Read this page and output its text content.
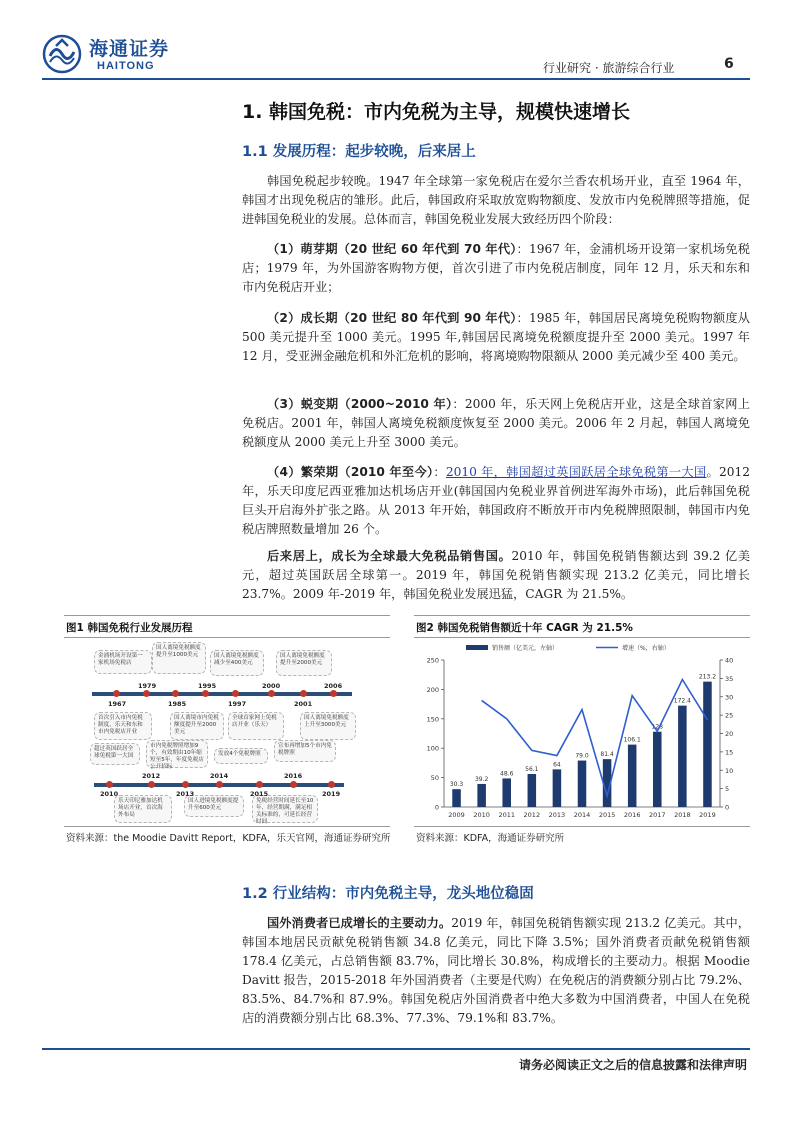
海通证券
HAITONG	行业研究 · 旅游综合行业	6
1. 韩国免税：市内免税为主导，规模快速增长
1.1 发展历程：起步较晚，后来居上
韩国免税起步较晚。1947 年全球第一家免税店在爱尔兰香农机场开业，直至 1964 年，韩国才出现免税店的雏形。此后，韩国政府采取放宽购物额度、发放市内免税牌照等措施，促进韩国免税业的发展。总体而言，韩国免税业发展大致经历四个阶段：
（1）萌芽期（20 世纪 60 年代到 70 年代）：1967 年，金浦机场开设第一家机场免税店；1979 年，为外国游客购物方便，首次引进了市内免税店制度，同年 12 月，乐天和东和市内免税店开业；
（2）成长期（20 世纪 80 年代到 90 年代）：1985 年，韩国居民离境免税购物额度从 500 美元提升至 1000 美元。1995 年,韩国居民离境免税额度提升至 2000 美元。1997 年 12 月，受亚洲金融危机和外汇危机的影响，将离境购物限额从 2000 美元减少至 400 美元。
（3）蜕变期（2000~2010 年）：2000 年，乐天网上免税店开业，这是全球首家网上免税店。2001 年，韩国人离境免税额度恢复至 2000 美元。2006 年 2 月起，韩国人离境免税额度从 2000 美元上升至 3000 美元。
（4）繁荣期（2010 年至今）：2010 年，韩国超过英国跃居全球免税第一大国。2012 年，乐天印度尼西亚雅加达机场店开业(韩国国内免税业界首例进军海外市场)，此后韩国免税巨头开启海外扩张之路。从 2013 年开始，韩国政府不断放开市内免税牌照限制，韩国市内免税店牌照数量增加 26 个。
后来居上，成长为全球最大免税品销售国。2010 年，韩国免税销售额达到 39.2 亿美元，超过英国跃居全球第一。2019 年，韩国免税销售额实现 213.2 亿美元，同比增长 23.7%。2009 年-2019 年，韩国免税业发展迅猛，CAGR 为 21.5%。
图1 韩国免税行业发展历程
金浦机场开设第一家机场免税店
国人离境免税额度提升至1000美元	国人离境免税额度减少至400美元
国人离境免税额度提升至2000美元
首次引入市内免税制度，乐天和东和市内免税店开业
国人离境市内免税额度提升至2000美元
全球首家网上免税店开业（乐天）
国人离境免税额度上升至3000美元
超过英国跃居全球免税第一大国
市内免税牌照增加9个，有效期由10年缩短至5年，年度免税店公开招标
发放4个免税牌照
宣布再增加5个市内免税牌照
乐天印尼雅加达机场店开业，首次海外布局
国人进境免税额度提升至600美元
免税经营时间延长至10年，经营期满，满足相关标准的，可延长经营时间
1967
1979
1985
1995
1997
2000
2001
2006
2010
2012
2013
2014
2015
2016
2019
资料来源：the Moodie Davitt Report，KDFA，乐天官网，海通证券研究所
图2 韩国免税销售额近十年 CAGR 为 21.5%
0
50
100
150
200
250
0
5
10
15
20
25
30
35
40
30.3
39.2
48.6
56.1
64
79.0 81.4
106.1
128
172.4
213.2
2009 2010 2011 2012 2013 2014 2015 2016 2017 2018 2019
销售额（亿美元，左轴）	增速（%，右轴）
资料来源：KDFA，海通证券研究所
1.2 行业结构：市内免税主导，龙头地位稳固
国外消费者已成增长的主要动力。2019 年，韩国免税销售额实现 213.2 亿美元。其中，韩国本地居民贡献免税销售额 34.8 亿美元，同比下降 3.5%；国外消费者贡献免税销售额 178.4 亿美元，占总销售额 83.7%，同比增长 30.8%，构成增长的主要动力。根据 Moodie Davitt 报告，2015-2018 年外国消费者（主要是代购）在免税店的消费额分别占比 79.2%、83.5%、84.7%和 87.9%。韩国免税店外国消费者中绝大多数为中国消费者，中国人在免税店的消费额分别占比 68.3%、77.3%、79.1%和 83.7%。
请务必阅读正文之后的信息披露和法律声明
